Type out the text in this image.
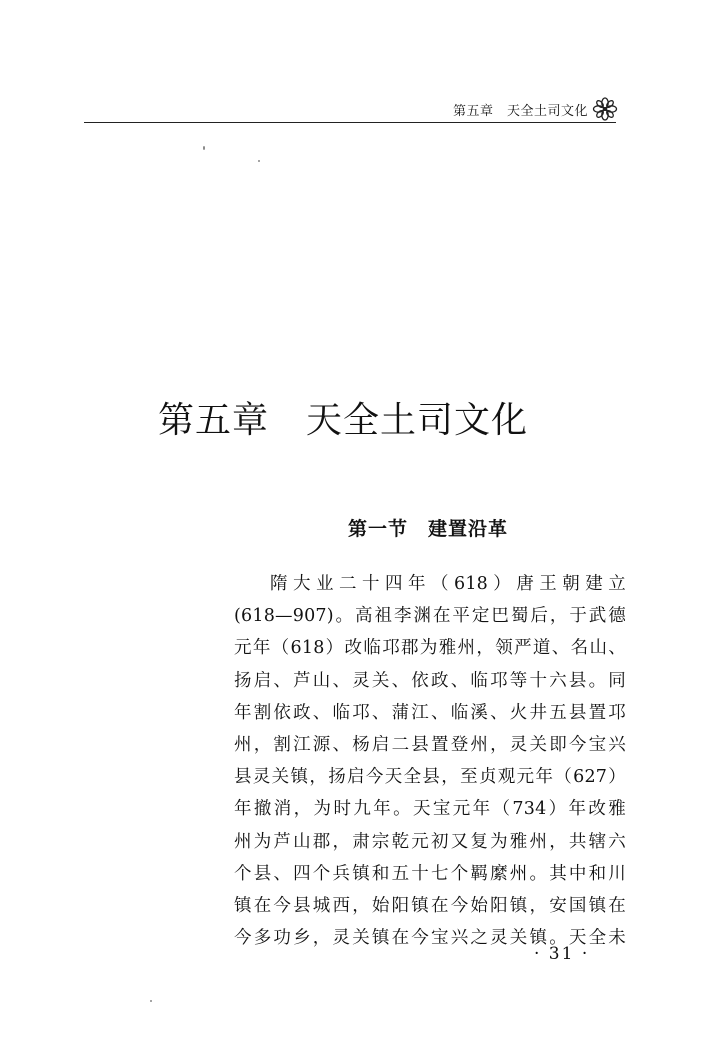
第五章　天全土司文化
第五章　天全土司文化
第一节　建置沿革
隋大业二十四年（618）唐王朝建立
(618—907)。高祖李渊在平定巴蜀后，于武德
元年（618）改临邛郡为雅州，领严道、名山、
扬启、芦山、灵关、依政、临邛等十六县。同
年割依政、临邛、蒲江、临溪、火井五县置邛
州，割江源、杨启二县置登州，灵关即今宝兴
县灵关镇，扬启今天全县，至贞观元年（627）
年撤消，为时九年。天宝元年（734）年改雅
州为芦山郡，肃宗乾元初又复为雅州，共辖六
个县、四个兵镇和五十七个羁縻州。其中和川
镇在今县城西，始阳镇在今始阳镇，安国镇在
今多功乡，灵关镇在今宝兴之灵关镇。天全未
· 31 ·
